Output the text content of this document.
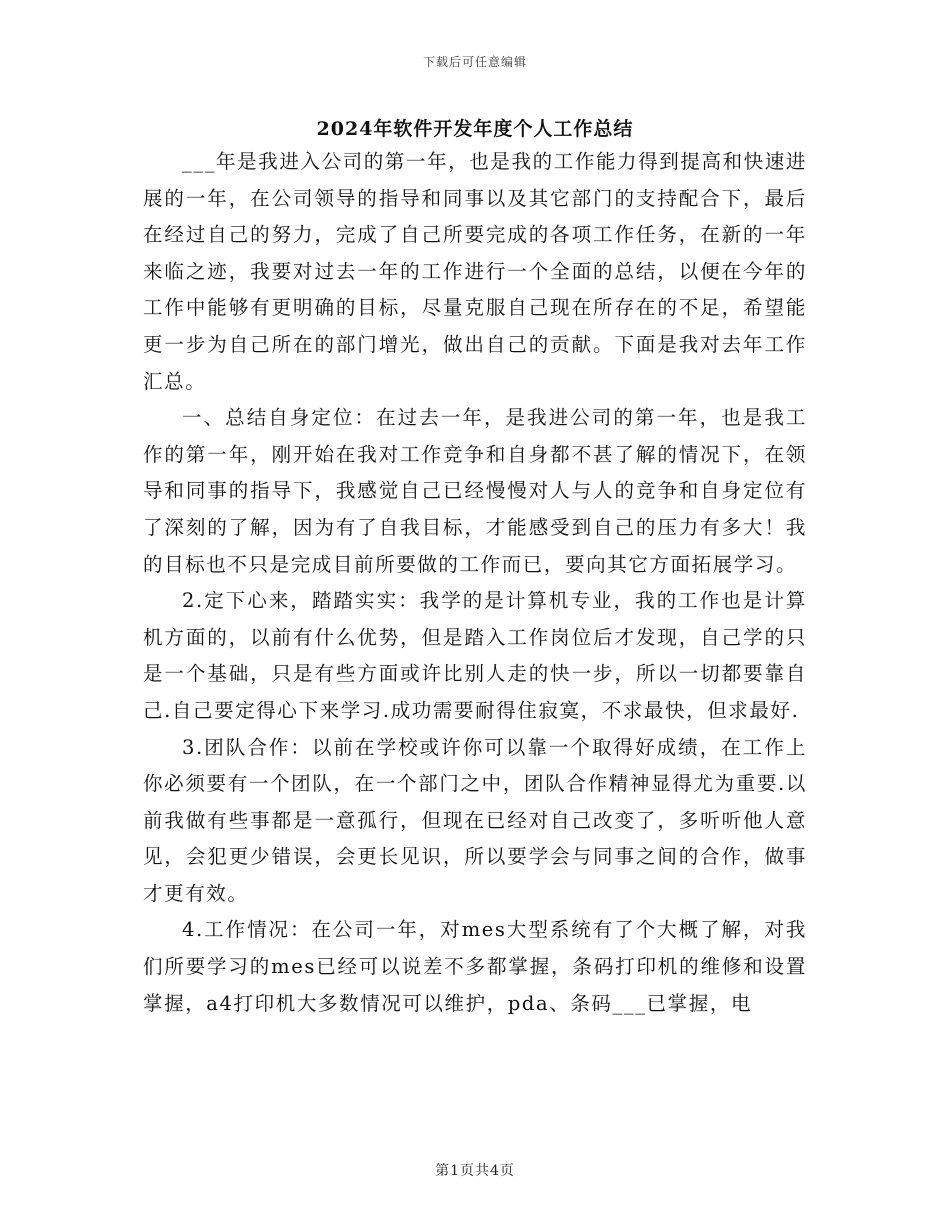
下载后可任意编辑
2024年软件开发年度个人工作总结

___年是我进入公司的第一年，也是我的工作能力得到提高和快速进展的一年，在公司领导的指导和同事以及其它部门的支持配合下，最后在经过自己的努力，完成了自己所要完成的各项工作任务，在新的一年来临之迹，我要对过去一年的工作进行一个全面的总结，以便在今年的工作中能够有更明确的目标，尽量克服自己现在所存在的不足，希望能更一步为自己所在的部门增光，做出自己的贡献。下面是我对去年工作汇总。

一、总结自身定位：在过去一年，是我进公司的第一年，也是我工作的第一年，刚开始在我对工作竞争和自身都不甚了解的情况下，在领导和同事的指导下，我感觉自己已经慢慢对人与人的竞争和自身定位有了深刻的了解，因为有了自我目标，才能感受到自己的压力有多大！我的目标也不只是完成目前所要做的工作而已，要向其它方面拓展学习。

2.定下心来，踏踏实实：我学的是计算机专业，我的工作也是计算机方面的，以前有什么优势，但是踏入工作岗位后才发现，自己学的只是一个基础，只是有些方面或许比别人走的快一步，所以一切都要靠自己.自己要定得心下来学习.成功需要耐得住寂寞，不求最快，但求最好.

3.团队合作：以前在学校或许你可以靠一个取得好成绩，在工作上你必须要有一个团队，在一个部门之中，团队合作精神显得尤为重要.以前我做有些事都是一意孤行，但现在已经对自己改变了，多听听他人意见，会犯更少错误，会更长见识，所以要学会与同事之间的合作，做事才更有效。

4.工作情况：在公司一年，对mes大型系统有了个大概了解，对我们所要学习的mes已经可以说差不多都掌握，条码打印机的维修和设置掌握，a4打印机大多数情况可以维护，pda、条码___已掌握，电

第1页共4页
